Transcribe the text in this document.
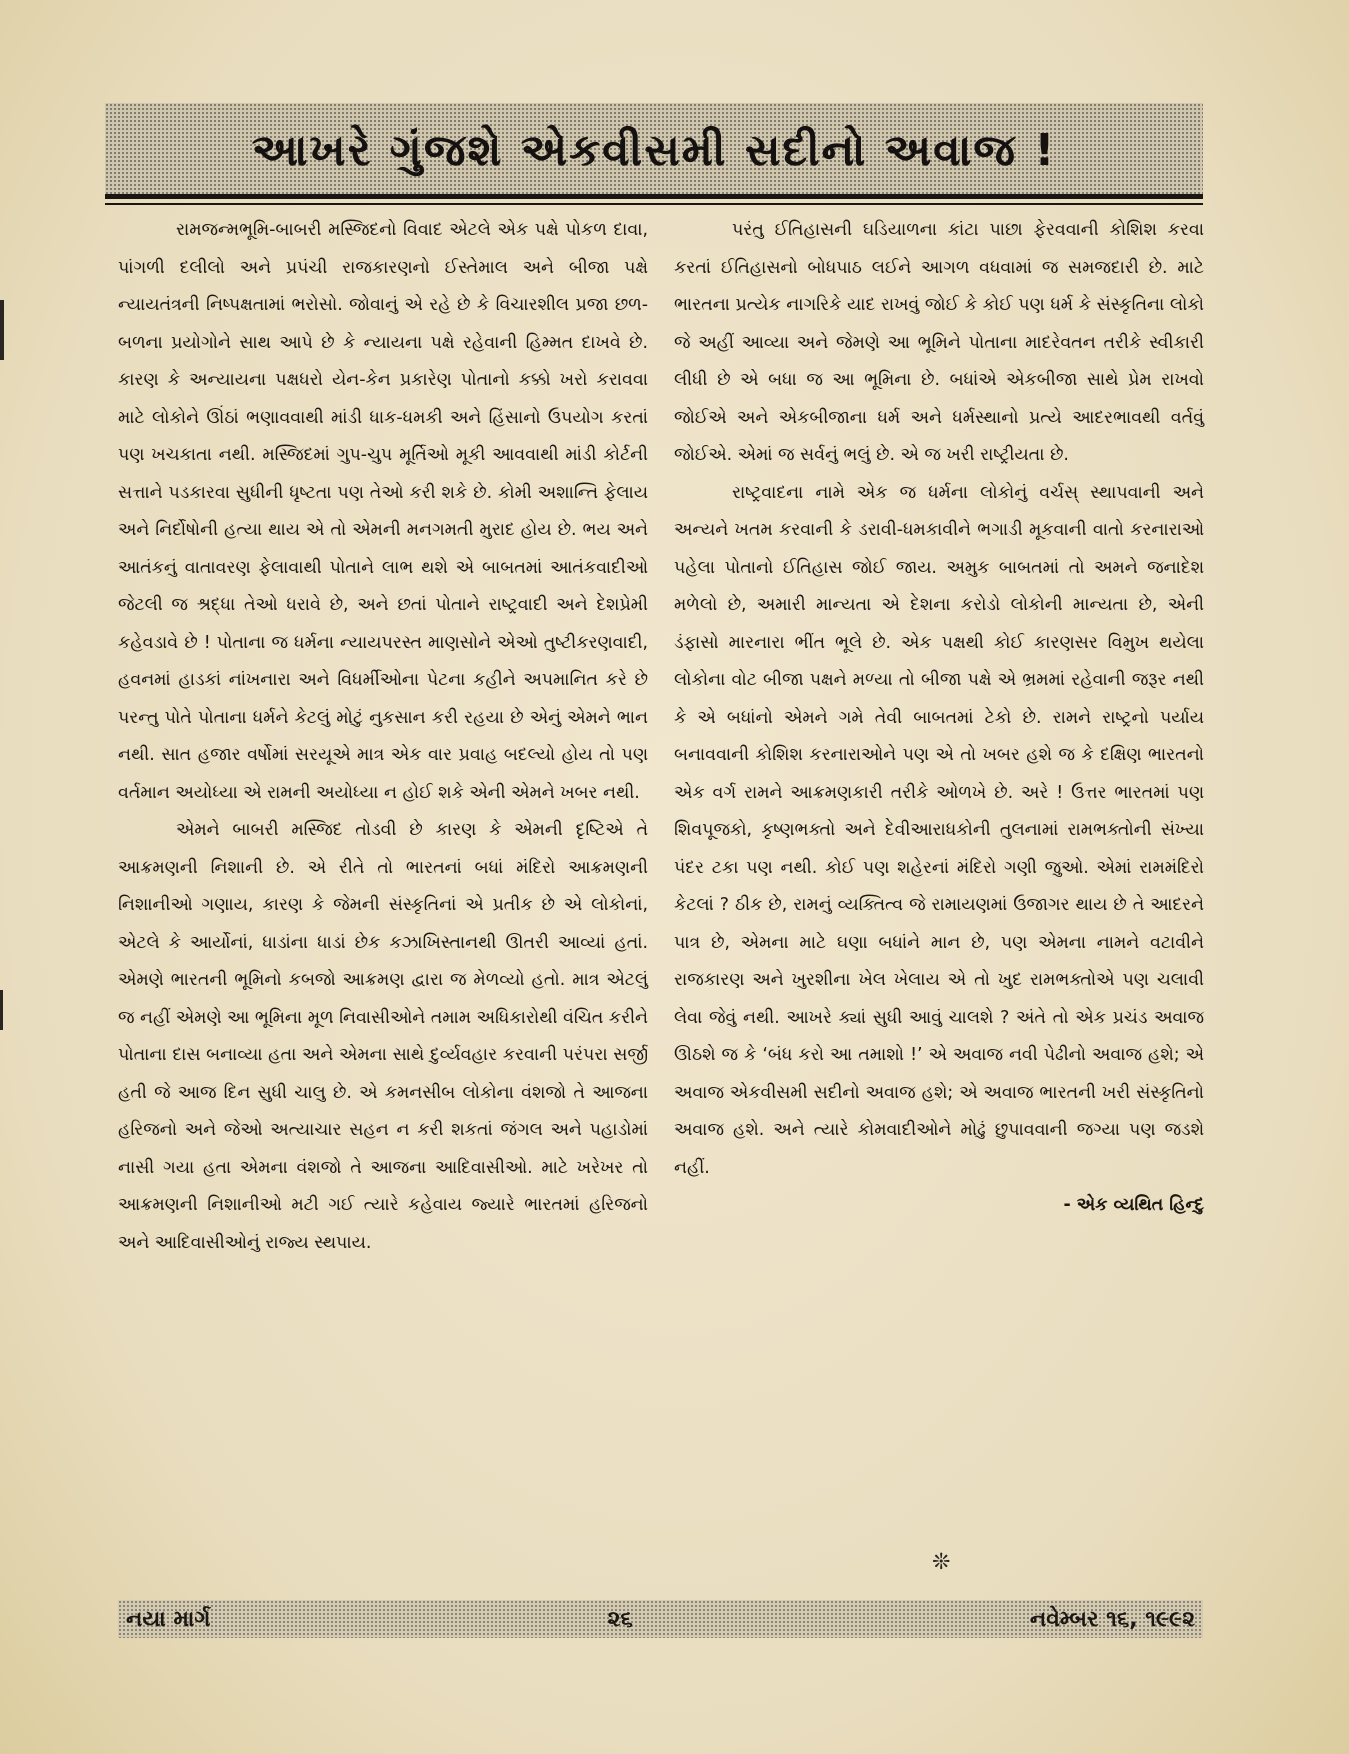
આખરે ગુંજશે એકવીસમી સદીનો અવાજ !

રામજન્મભૂમિ-બાબરી મસ્જિદનો વિવાદ એટલે એક પક્ષે પોકળ દાવા, પાંગળી દલીલો અને પ્રપંચી રાજકારણનો ઈસ્તેમાલ અને બીજા પક્ષે ન્યાયતંત્રની નિષ્પક્ષતામાં ભરોસો. જોવાનું એ રહે છે કે વિચારશીલ પ્રજા છળ-બળના પ્રયોગોને સાથ આપે છે કે ન્યાયના પક્ષે રહેવાની હિમ્મત દાખવે છે. કારણ કે અન્યાયના પક્ષધરો યેન-કેન પ્રકારેણ પોતાનો કક્કો ખરો કરાવવા માટે લોકોને ઊંઠાં ભણાવવાથી માંડી ધાક-ધમકી અને હિંસાનો ઉપયોગ કરતાં પણ ખચકાતા નથી. મસ્જિદમાં ગુપ-ચુપ મૂર્તિઓ મૂકી આવવાથી માંડી કોર્ટની સત્તાને પડકારવા સુધીની ધૃષ્ટતા પણ તેઓ કરી શકે છે. કોમી અશાન્તિ ફેલાય અને નિર્દોષોની હત્યા થાય એ તો એમની મનગમતી મુરાદ હોય છે. ભય અને આતંકનું વાતાવરણ ફેલાવાથી પોતાને લાભ થશે એ બાબતમાં આતંકવાદીઓ જેટલી જ શ્રદ્ધા તેઓ ધરાવે છે, અને છતાં પોતાને રાષ્ટ્રવાદી અને દેશપ્રેમી કહેવડાવે છે ! પોતાના જ ધર્મના ન્યાયપરસ્ત માણસોને એઓ તુષ્ટીકરણવાદી, હવનમાં હાડકાં નાંખનારા અને વિધર્મીઓના પેટના કહીને અપમાનિત કરે છે પરન્તુ પોતે પોતાના ધર્મને કેટલું મોટું નુકસાન કરી રહયા છે એનું એમને ભાન નથી. સાત હજાર વર્ષોમાં સરયૂએ માત્ર એક વાર પ્રવાહ બદલ્યો હોય તો પણ વર્તમાન અયોધ્યા એ રામની અયોધ્યા ન હોઈ શકે એની એમને ખબર નથી.

એમને બાબરી મસ્જિદ તોડવી છે કારણ કે એમની દૃષ્ટિએ તે આક્રમણની નિશાની છે. એ રીતે તો ભારતનાં બધાં મંદિરો આક્રમણની નિશાનીઓ ગણાય, કારણ કે જેમની સંસ્કૃતિનાં એ પ્રતીક છે એ લોકોનાં, એટલે કે આર્યોનાં, ધાડાંના ધાડાં છેક કઝાખિસ્તાનથી ઊતરી આવ્યાં હતાં. એમણે ભારતની ભૂમિનો કબજો આક્રમણ દ્વારા જ મેળવ્યો હતો. માત્ર એટલું જ નહીં એમણે આ ભૂમિના મૂળ નિવાસીઓને તમામ અધિકારોથી વંચિત કરીને પોતાના દાસ બનાવ્યા હતા અને એમના સાથે દુર્વ્યવહાર કરવાની પરંપરા સર્જી હતી જે આજ દિન સુધી ચાલુ છે. એ કમનસીબ લોકોના વંશજો તે આજના હરિજનો અને જેઓ અત્યાચાર સહન ન કરી શકતાં જંગલ અને પહાડોમાં નાસી ગયા હતા એમના વંશજો તે આજના આદિવાસીઓ. માટે ખરેખર તો આક્રમણની નિશાનીઓ મટી ગઈ ત્યારે કહેવાય જ્યારે ભારતમાં હરિજનો અને આદિવાસીઓનું રાજ્ય સ્થપાય.

પરંતુ ઈતિહાસની ઘડિયાળના કાંટા પાછા ફેરવવાની કોશિશ કરવા કરતાં ઈતિહાસનો બોધપાઠ લઈને આગળ વધવામાં જ સમજદારી છે. માટે ભારતના પ્રત્યેક નાગરિકે યાદ રાખવું જોઈ કે કોઈ પણ ધર્મ કે સંસ્કૃતિના લોકો જે અહીં આવ્યા અને જેમણે આ ભૂમિને પોતાના માદરેવતન તરીકે સ્વીકારી લીધી છે એ બધા જ આ ભૂમિના છે. બધાંએ એકબીજા સાથે પ્રેમ રાખવો જોઈએ અને એકબીજાના ધર્મ અને ધર્મસ્થાનો પ્રત્યે આદરભાવથી વર્તવું જોઈએ. એમાં જ સર્વનું ભલું છે. એ જ ખરી રાષ્ટ્રીયતા છે.

રાષ્ટ્રવાદના નામે એક જ ધર્મના લોકોનું વર્ચસ્ સ્થાપવાની અને અન્યને ખતમ કરવાની કે ડરાવી-ધમકાવીને ભગાડી મૂકવાની વાતો કરનારાઓ પહેલા પોતાનો ઈતિહાસ જોઈ જાય. અમુક બાબતમાં તો અમને જનાદેશ મળેલો છે, અમારી માન્યતા એ દેશના કરોડો લોકોની માન્યતા છે, એની ડંફાસો મારનારા ભીંત ભૂલે છે. એક પક્ષથી કોઈ કારણસર વિમુખ થયેલા લોકોના વોટ બીજા પક્ષને મળ્યા તો બીજા પક્ષે એ ભ્રમમાં રહેવાની જરૂર નથી કે એ બધાંનો એમને ગમે તેવી બાબતમાં ટેકો છે. રામને રાષ્ટ્રનો પર્યાય બનાવવાની કોશિશ કરનારાઓને પણ એ તો ખબર હશે જ કે દક્ષિણ ભારતનો એક વર્ગ રામને આક્રમણકારી તરીકે ઓળખે છે. અરે ! ઉત્તર ભારતમાં પણ શિવપૂજકો, કૃષ્ણભક્તો અને દેવીઆરાધકોની તુલનામાં રામભક્તોની સંખ્યા પંદર ટકા પણ નથી. કોઈ પણ શહેરનાં મંદિરો ગણી જુઓ. એમાં રામમંદિરો કેટલાં ? ઠીક છે, રામનું વ્યક્તિત્વ જે રામાયણમાં ઉજાગર થાય છે તે આદરને પાત્ર છે, એમના માટે ઘણા બધાંને માન છે, પણ એમના નામને વટાવીને રાજકારણ અને ખુરશીના ખેલ ખેલાય એ તો ખુદ રામભક્તોએ પણ ચલાવી લેવા જેવું નથી. આખરે ક્યાં સુધી આવું ચાલશે ? અંતે તો એક પ્રચંડ અવાજ ઊઠશે જ કે ‘બંધ કરો આ તમાશો !’ એ અવાજ નવી પેઢીનો અવાજ હશે; એ અવાજ એકવીસમી સદીનો અવાજ હશે; એ અવાજ ભારતની ખરી સંસ્કૃતિનો અવાજ હશે. અને ત્યારે કોમવાદીઓને મોઢું છુપાવવાની જગ્યા પણ જડશે નહીં.

- એક વ્યથિત હિન્દુ

❊
નયા માર્ગ	૨૬	નવેમ્બર ૧૬, ૧૯૯૨
